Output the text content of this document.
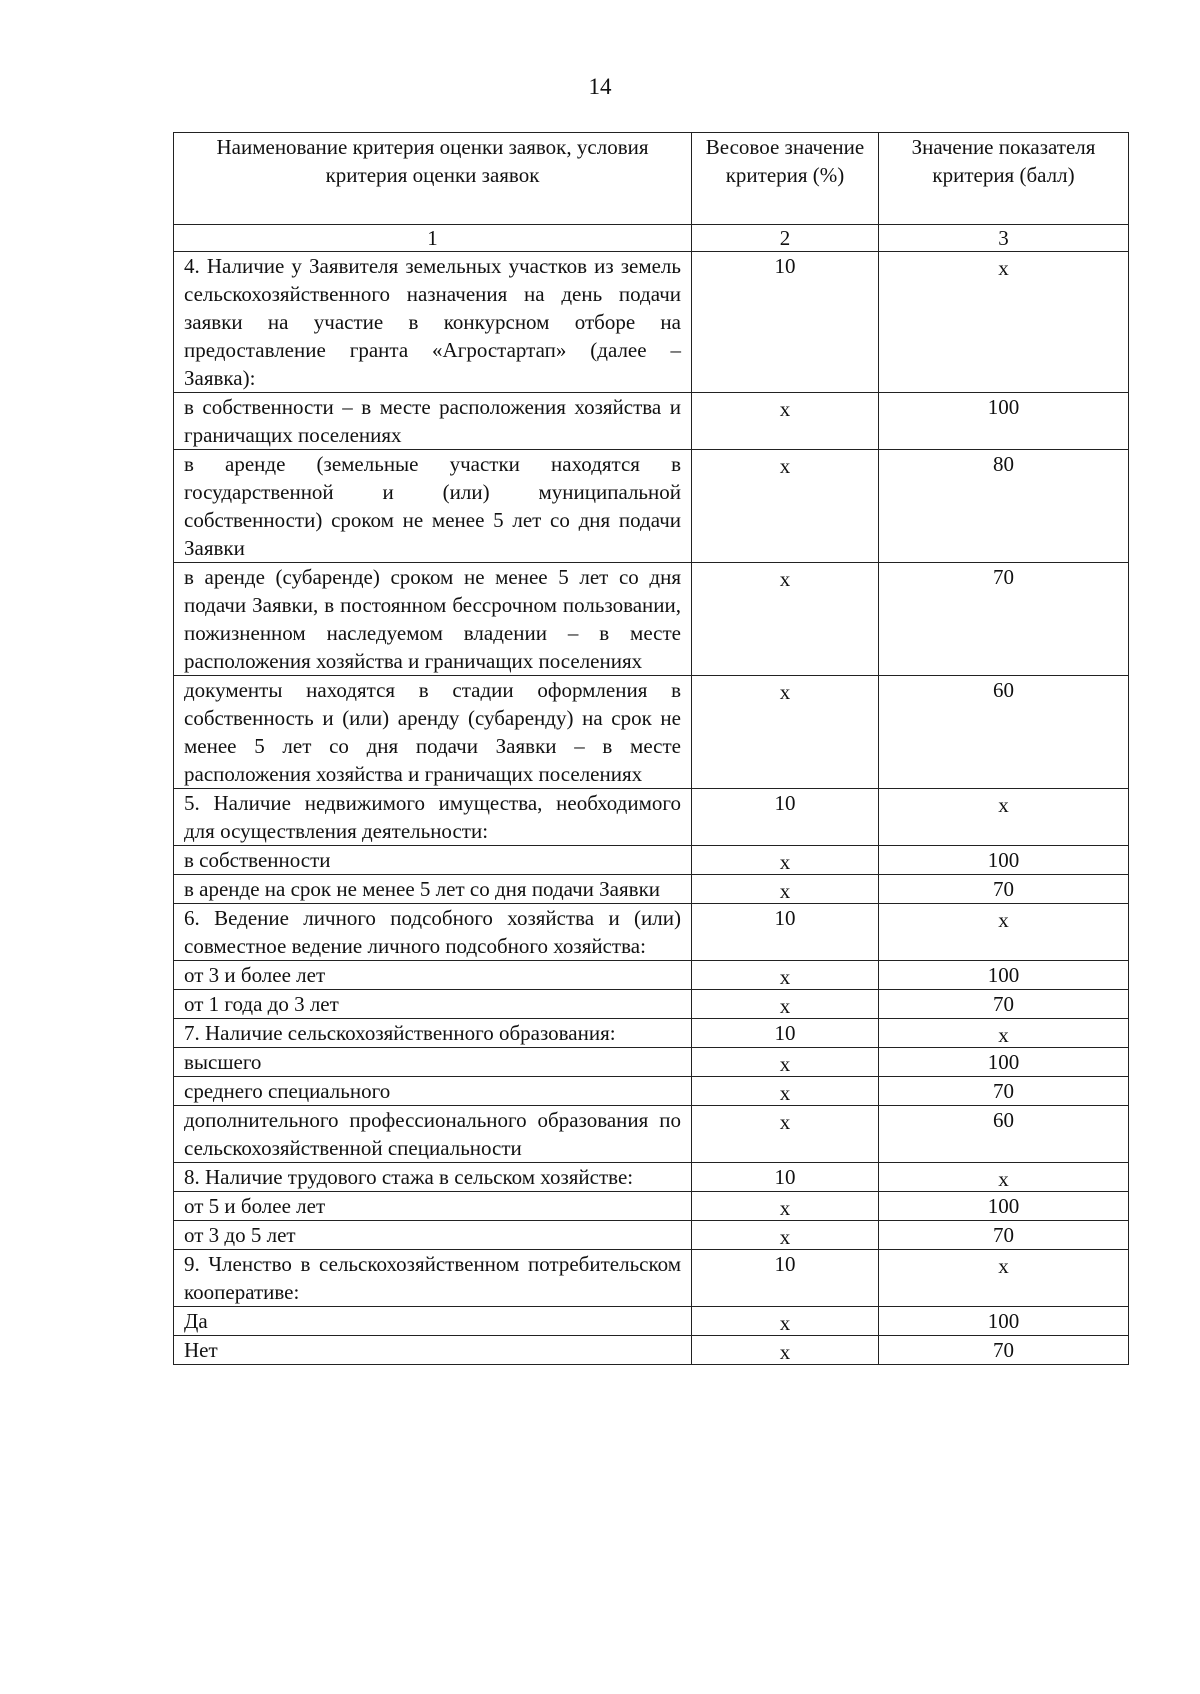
14
Наименование критерия оценки заявок, условия критерия оценки заявок	Весовое значение критерия (%)	Значение показателя критерия (балл)
1	2	3
4. Наличие у Заявителя земельных участков из земель сельскохозяйственного назначения на день подачи заявки на участие в конкурсном отборе на предоставление гранта «Агростартап» (далее – Заявка):	10	х
в собственности – в месте расположения хозяйства и граничащих поселениях	х	100
в аренде (земельные участки находятся в государственной и (или) муниципальной собственности) сроком не менее 5 лет со дня подачи Заявки	х	80
в аренде (субаренде) сроком не менее 5 лет со дня подачи Заявки, в постоянном бессрочном пользовании, пожизненном наследуемом владении – в месте расположения хозяйства и граничащих поселениях	х	70
документы находятся в стадии оформления в собственность и (или) аренду (субаренду) на срок не менее 5 лет со дня подачи Заявки – в месте расположения хозяйства и граничащих поселениях	х	60
5. Наличие недвижимого имущества, необходимого для осуществления деятельности:	10	х
в собственности	х	100
в аренде на срок не менее 5 лет со дня подачи Заявки	х	70
6. Ведение личного подсобного хозяйства и (или) совместное ведение личного подсобного хозяйства:	10	х
от 3 и более лет	х	100
от 1 года до 3 лет	х	70
7. Наличие сельскохозяйственного образования:	10	х
высшего	х	100
среднего специального	х	70
дополнительного профессионального образования по сельскохозяйственной специальности	х	60
8. Наличие трудового стажа в сельском хозяйстве:	10	х
от 5 и более лет	х	100
от 3 до 5 лет	х	70
9. Членство в сельскохозяйственном потребительском кооперативе:	10	х
Да	х	100
Нет	х	70
